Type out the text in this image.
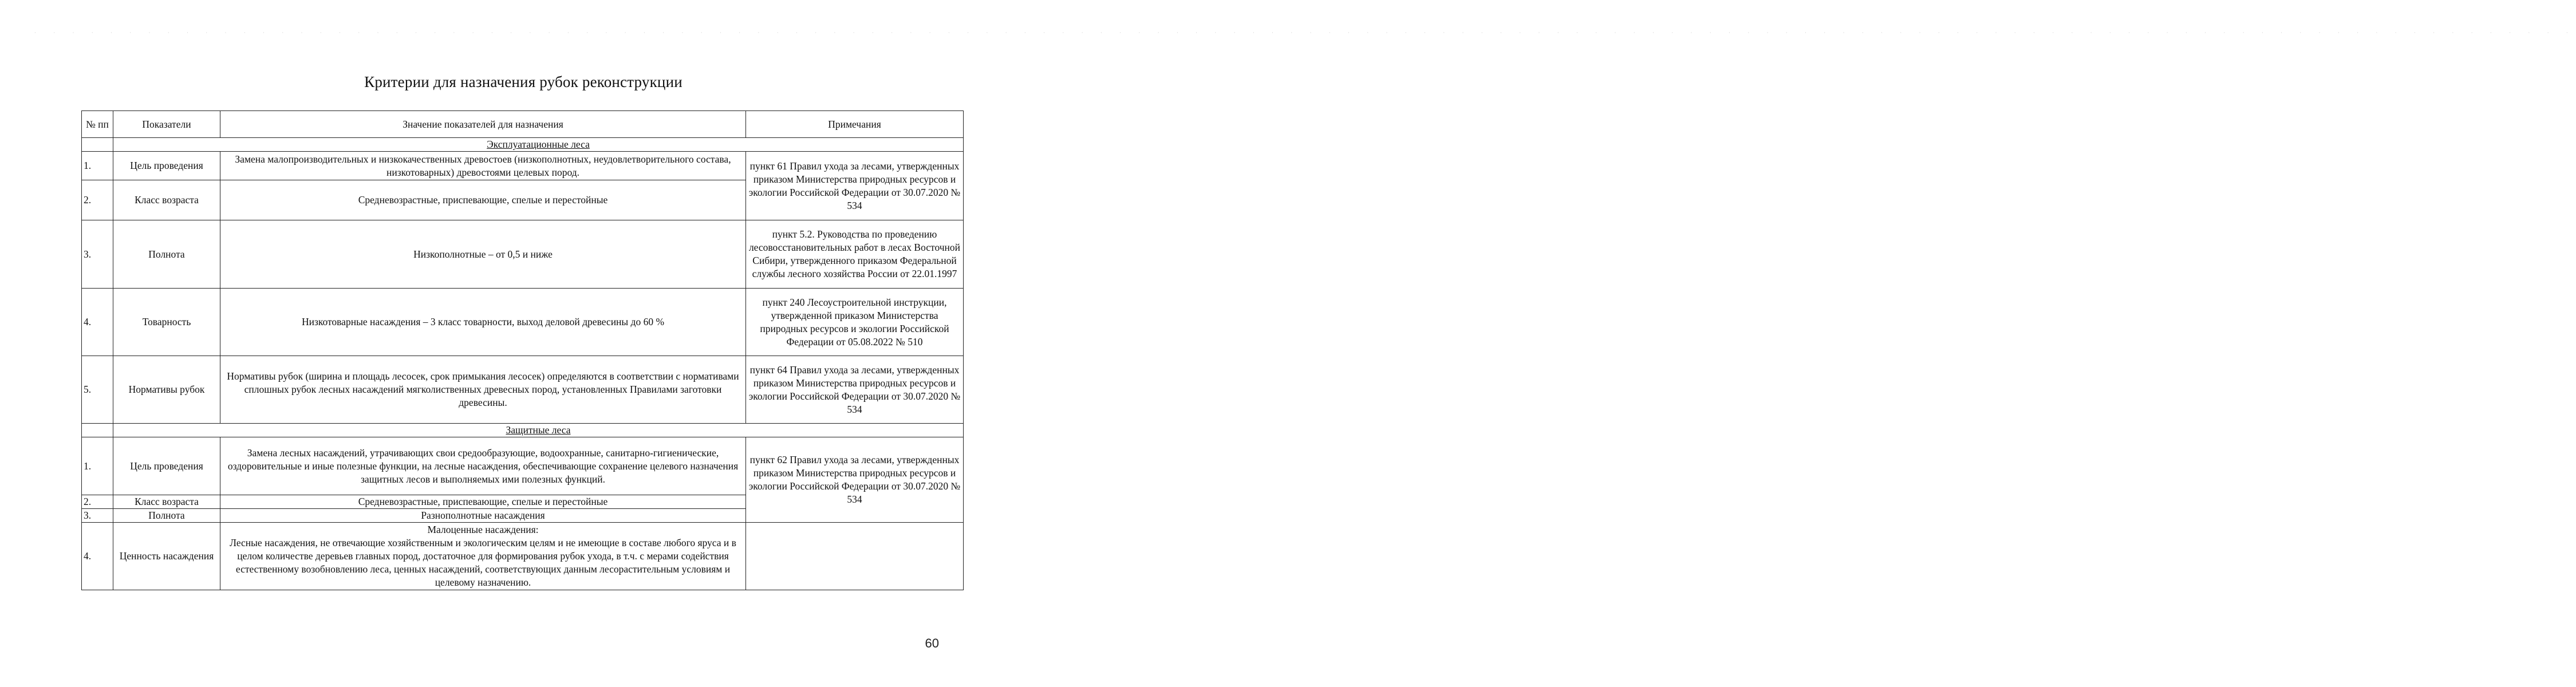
· · · · · · · · · · · · · · · · · · · · · · · · · · · · · · · · · · · · · · · · · · · · · · · · · · · · · · · · · · · · · · · · · · · · · · · · · · · · · · · · · · · · · · · · · · · · · · · · · · · · · · · · · · · · · · · · · · · · · · · · · · · · · · · · · · · · · ·
Критерии для назначения рубок реконструкции
№ пп	Показатели	Значение показателей для назначения	Примечания
	Эксплуатационные леса		
1.	Цель проведения	Замена малопроизводительных и низкокачественных древостоев (низкополнотных, неудовлетворительного состава, низкотоварных) древостоями целевых пород.	пункт 61 Правил ухода за лесами, утвержденных приказом Министерства природных ресурсов и экологии Российской Федерации от 30.07.2020 № 534
2.	Класс возраста	Средневозрастные, приспевающие, спелые и перестойные	
3.	Полнота	Низкополнотные – от 0,5 и ниже	пункт 5.2. Руководства по проведению лесовосстановительных работ в лесах Восточной Сибири, утвержденного приказом Федеральной службы лесного хозяйства России от 22.01.1997
4.	Товарность	Низкотоварные насаждения – 3 класс товарности, выход деловой древесины до 60 %	пункт 240 Лесоустроительной инструкции, утвержденной приказом Министерства природных ресурсов и экологии Российской Федерации от 05.08.2022 № 510
5.	Нормативы рубок	Нормативы рубок (ширина и площадь лесосек, срок примыкания лесосек) определяются в соответствии с нормативами сплошных рубок лесных насаждений мягколиственных древесных пород, установленных Правилами заготовки древесины.	пункт 64 Правил ухода за лесами, утвержденных приказом Министерства природных ресурсов и экологии Российской Федерации от 30.07.2020 № 534
	Защитные леса		
1.	Цель проведения	Замена лесных насаждений, утрачивающих свои средообразующие, водоохранные, санитарно-гигиенические, оздоровительные и иные полезные функции, на лесные насаждения, обеспечивающие сохранение целевого назначения защитных лесов и выполняемых ими полезных функций.	пункт 62 Правил ухода за лесами, утвержденных приказом Министерства природных ресурсов и экологии Российской Федерации от 30.07.2020 № 534
2.	Класс возраста	Средневозрастные, приспевающие, спелые и перестойные	
3.	Полнота	Разнополнотные насаждения	
4.	Ценность насаждения	Малоценные насаждения:
Лесные насаждения, не отвечающие хозяйственным и экологическим целям и не имеющие в составе любого яруса и в целом количестве деревьев главных пород, достаточное для формирования рубок ухода, в т.ч. с мерами содействия естественному возобновлению леса, ценных насаждений, соответствующих данным лесорастительным условиям и целевому назначению.	

60
